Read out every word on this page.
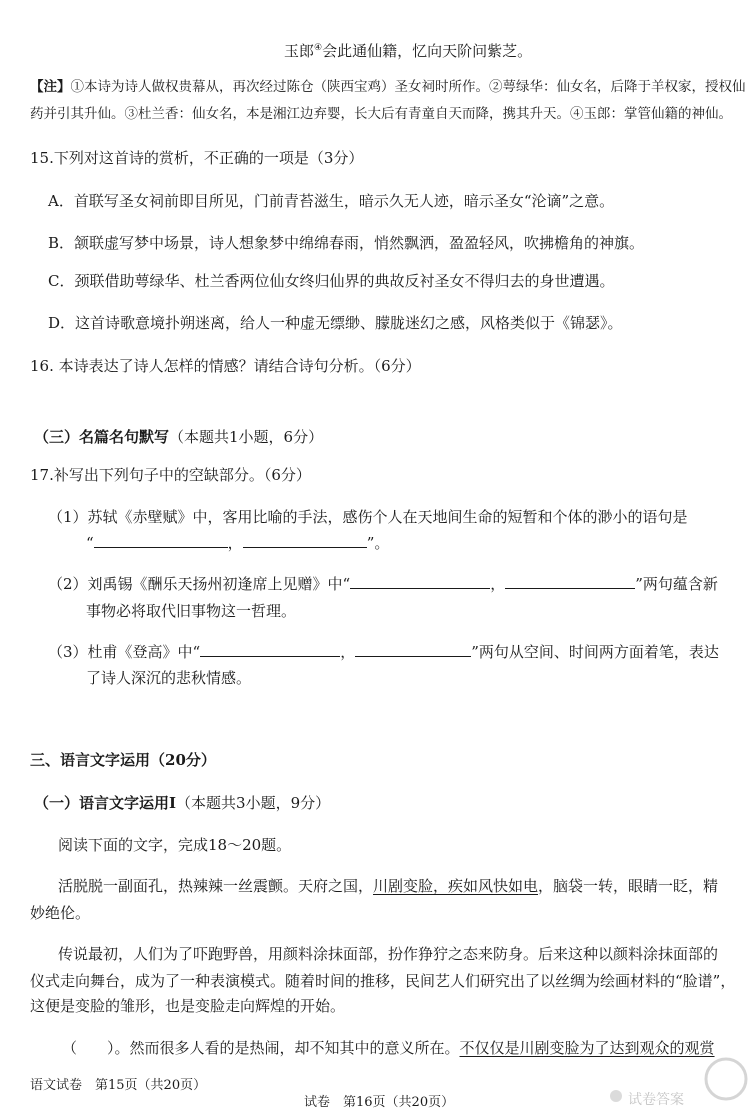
玉郎④会此通仙籍，忆向天阶问紫芝。
【注】①本诗为诗人做权贵幕从，再次经过陈仓（陕西宝鸡）圣女祠时所作。②萼绿华：仙女名，后降于羊权家，授权仙
药并引其升仙。③杜兰香：仙女名，本是湘江边弃婴，长大后有青童自天而降，携其升天。④玉郎：掌管仙籍的神仙。
15.下列对这首诗的赏析，不正确的一项是（3分）
A．首联写圣女祠前即目所见，门前青苔滋生，暗示久无人迹，暗示圣女“沦谪”之意。
B．颔联虚写梦中场景，诗人想象梦中绵绵春雨，悄然飘洒，盈盈轻风，吹拂檐角的神旗。
C．颈联借助萼绿华、杜兰香两位仙女终归仙界的典故反衬圣女不得归去的身世遭遇。
D．这首诗歌意境扑朔迷离，给人一种虚无缥缈、朦胧迷幻之感，风格类似于《锦瑟》。
16. 本诗表达了诗人怎样的情感？请结合诗句分析。（6分）
（三）名篇名句默写（本题共1小题，6分）
17.补写出下列句子中的空缺部分。（6分）
（1）苏轼《赤壁赋》中，客用比喻的手法，感伤个人在天地间生命的短暂和个体的渺小的语句是
“	，	”。
（2）刘禹锡《酬乐天扬州初逢席上见赠》中“	，	”两句蕴含新
事物必将取代旧事物这一哲理。
（3）杜甫《登高》中“	，	”两句从空间、时间两方面着笔，表达
了诗人深沉的悲秋情感。
三、语言文字运用（20分）
（一）语言文字运用Ⅰ（本题共3小题，9分）
阅读下面的文字，完成18～20题。
活脱脱一副面孔，热辣辣一丝震颤。天府之国，川剧变脸，疾如风快如电，脑袋一转，眼睛一眨，精
妙绝伦。
传说最初，人们为了吓跑野兽，用颜料涂抹面部，扮作狰狞之态来防身。后来这种以颜料涂抹面部的
仪式走向舞台，成为了一种表演模式。随着时间的推移，民间艺人们研究出了以丝绸为绘画材料的“脸谱”，
这便是变脸的雏形，也是变脸走向辉煌的开始。
（　　）。然而很多人看的是热闹，却不知其中的意义所在。不仅仅是川剧变脸为了达到观众的观赏
语文试卷　第15页（共20页）
试卷　第16页（共20页）	试卷答案
